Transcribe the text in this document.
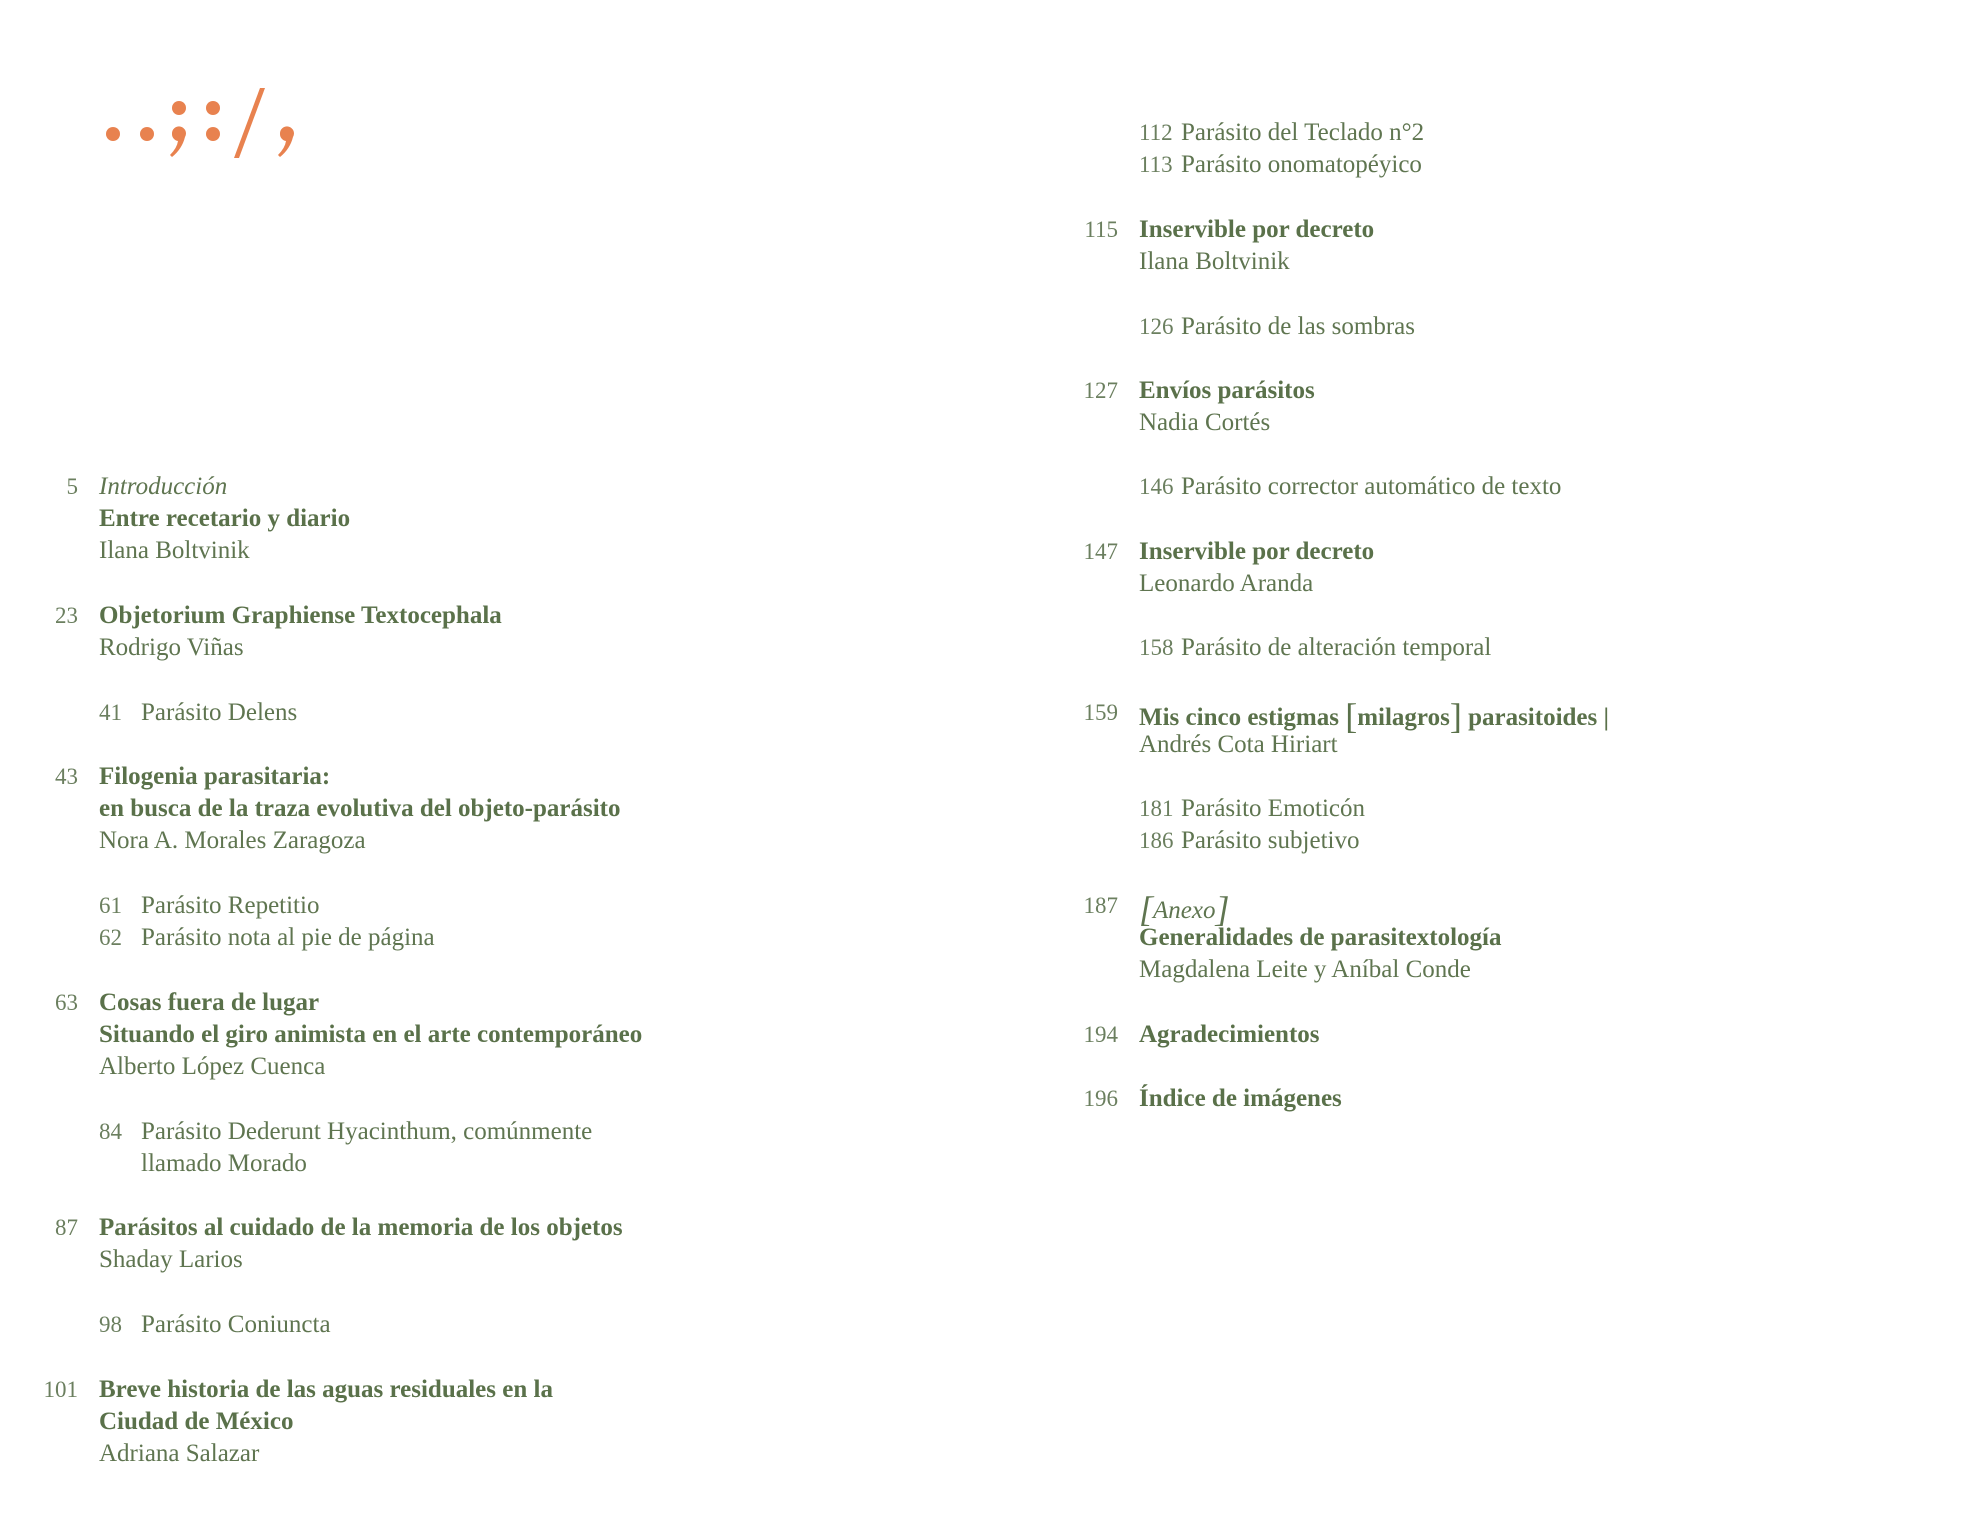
5 Introducción
Entre recetario y diario
Ilana Boltvinik
23 Objetorium Graphiense Textocephala
Rodrigo Viñas
41 Parásito Delens
43 Filogenia parasitaria:
en busca de la traza evolutiva del objeto-parásito
Nora A. Morales Zaragoza
61 Parásito Repetitio
62 Parásito nota al pie de página
63 Cosas fuera de lugar
Situando el giro animista en el arte contemporáneo
Alberto López Cuenca
84 Parásito Dederunt Hyacinthum, comúnmente
llamado Morado
87 Parásitos al cuidado de la memoria de los objetos
Shaday Larios
98 Parásito Coniuncta
101 Breve historia de las aguas residuales en la
Ciudad de México
Adriana Salazar
112 Parásito del Teclado n°2
113 Parásito onomatopéyico
115 Inservible por decreto
Ilana Boltvinik
126 Parásito de las sombras
127 Envíos parásitos
Nadia Cortés
146 Parásito corrector automático de texto
147 Inservible por decreto
Leonardo Aranda
158 Parásito de alteración temporal
159 Mis cinco estigmas [milagros] parasitoides |
Andrés Cota Hiriart
181 Parásito Emoticón
186 Parásito subjetivo
187 [Anexo]
Generalidades de parasitextología
Magdalena Leite y Aníbal Conde
194 Agradecimientos
196 Índice de imágenes
